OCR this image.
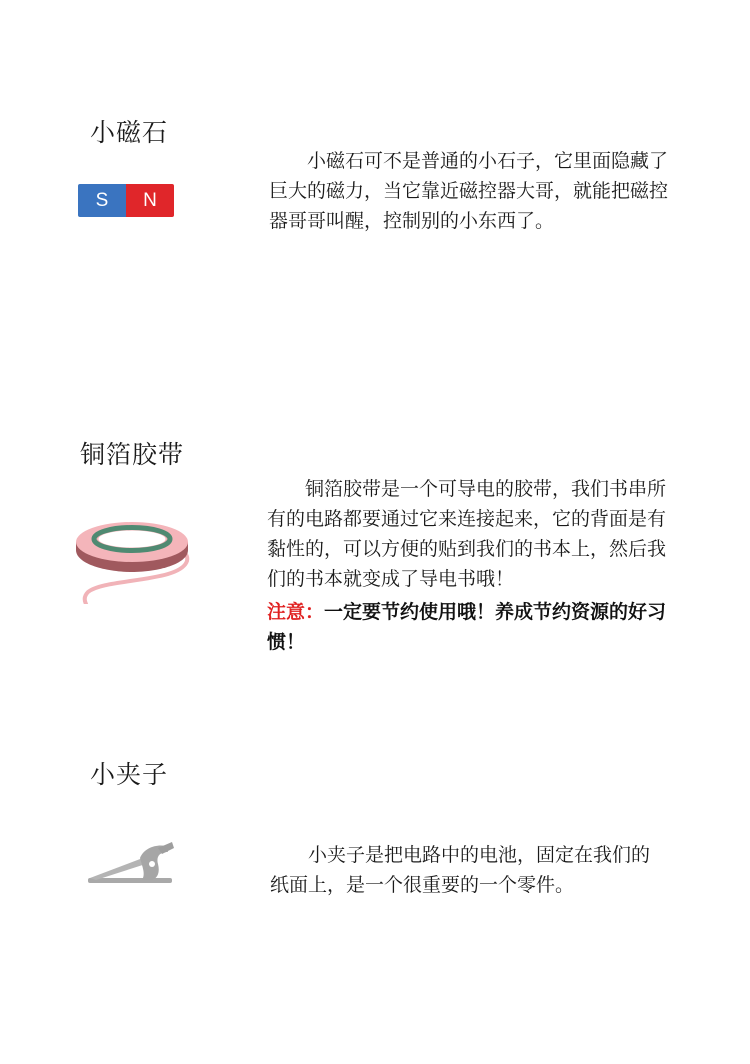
小磁石
S	N

小磁石可不是普通的小石子，它里面隐藏了巨大的磁力，当它靠近磁控器大哥，就能把磁控器哥哥叫醒，控制别的小东西了。

铜箔胶带

铜箔胶带是一个可导电的胶带，我们书串所有的电路都要通过它来连接起来，它的背面是有黏性的，可以方便的贴到我们的书本上，然后我们的书本就变成了导电书哦！

注意：一定要节约使用哦！养成节约资源的好习惯！

小夹子

小夹子是把电路中的电池，固定在我们的纸面上，是一个很重要的一个零件。
